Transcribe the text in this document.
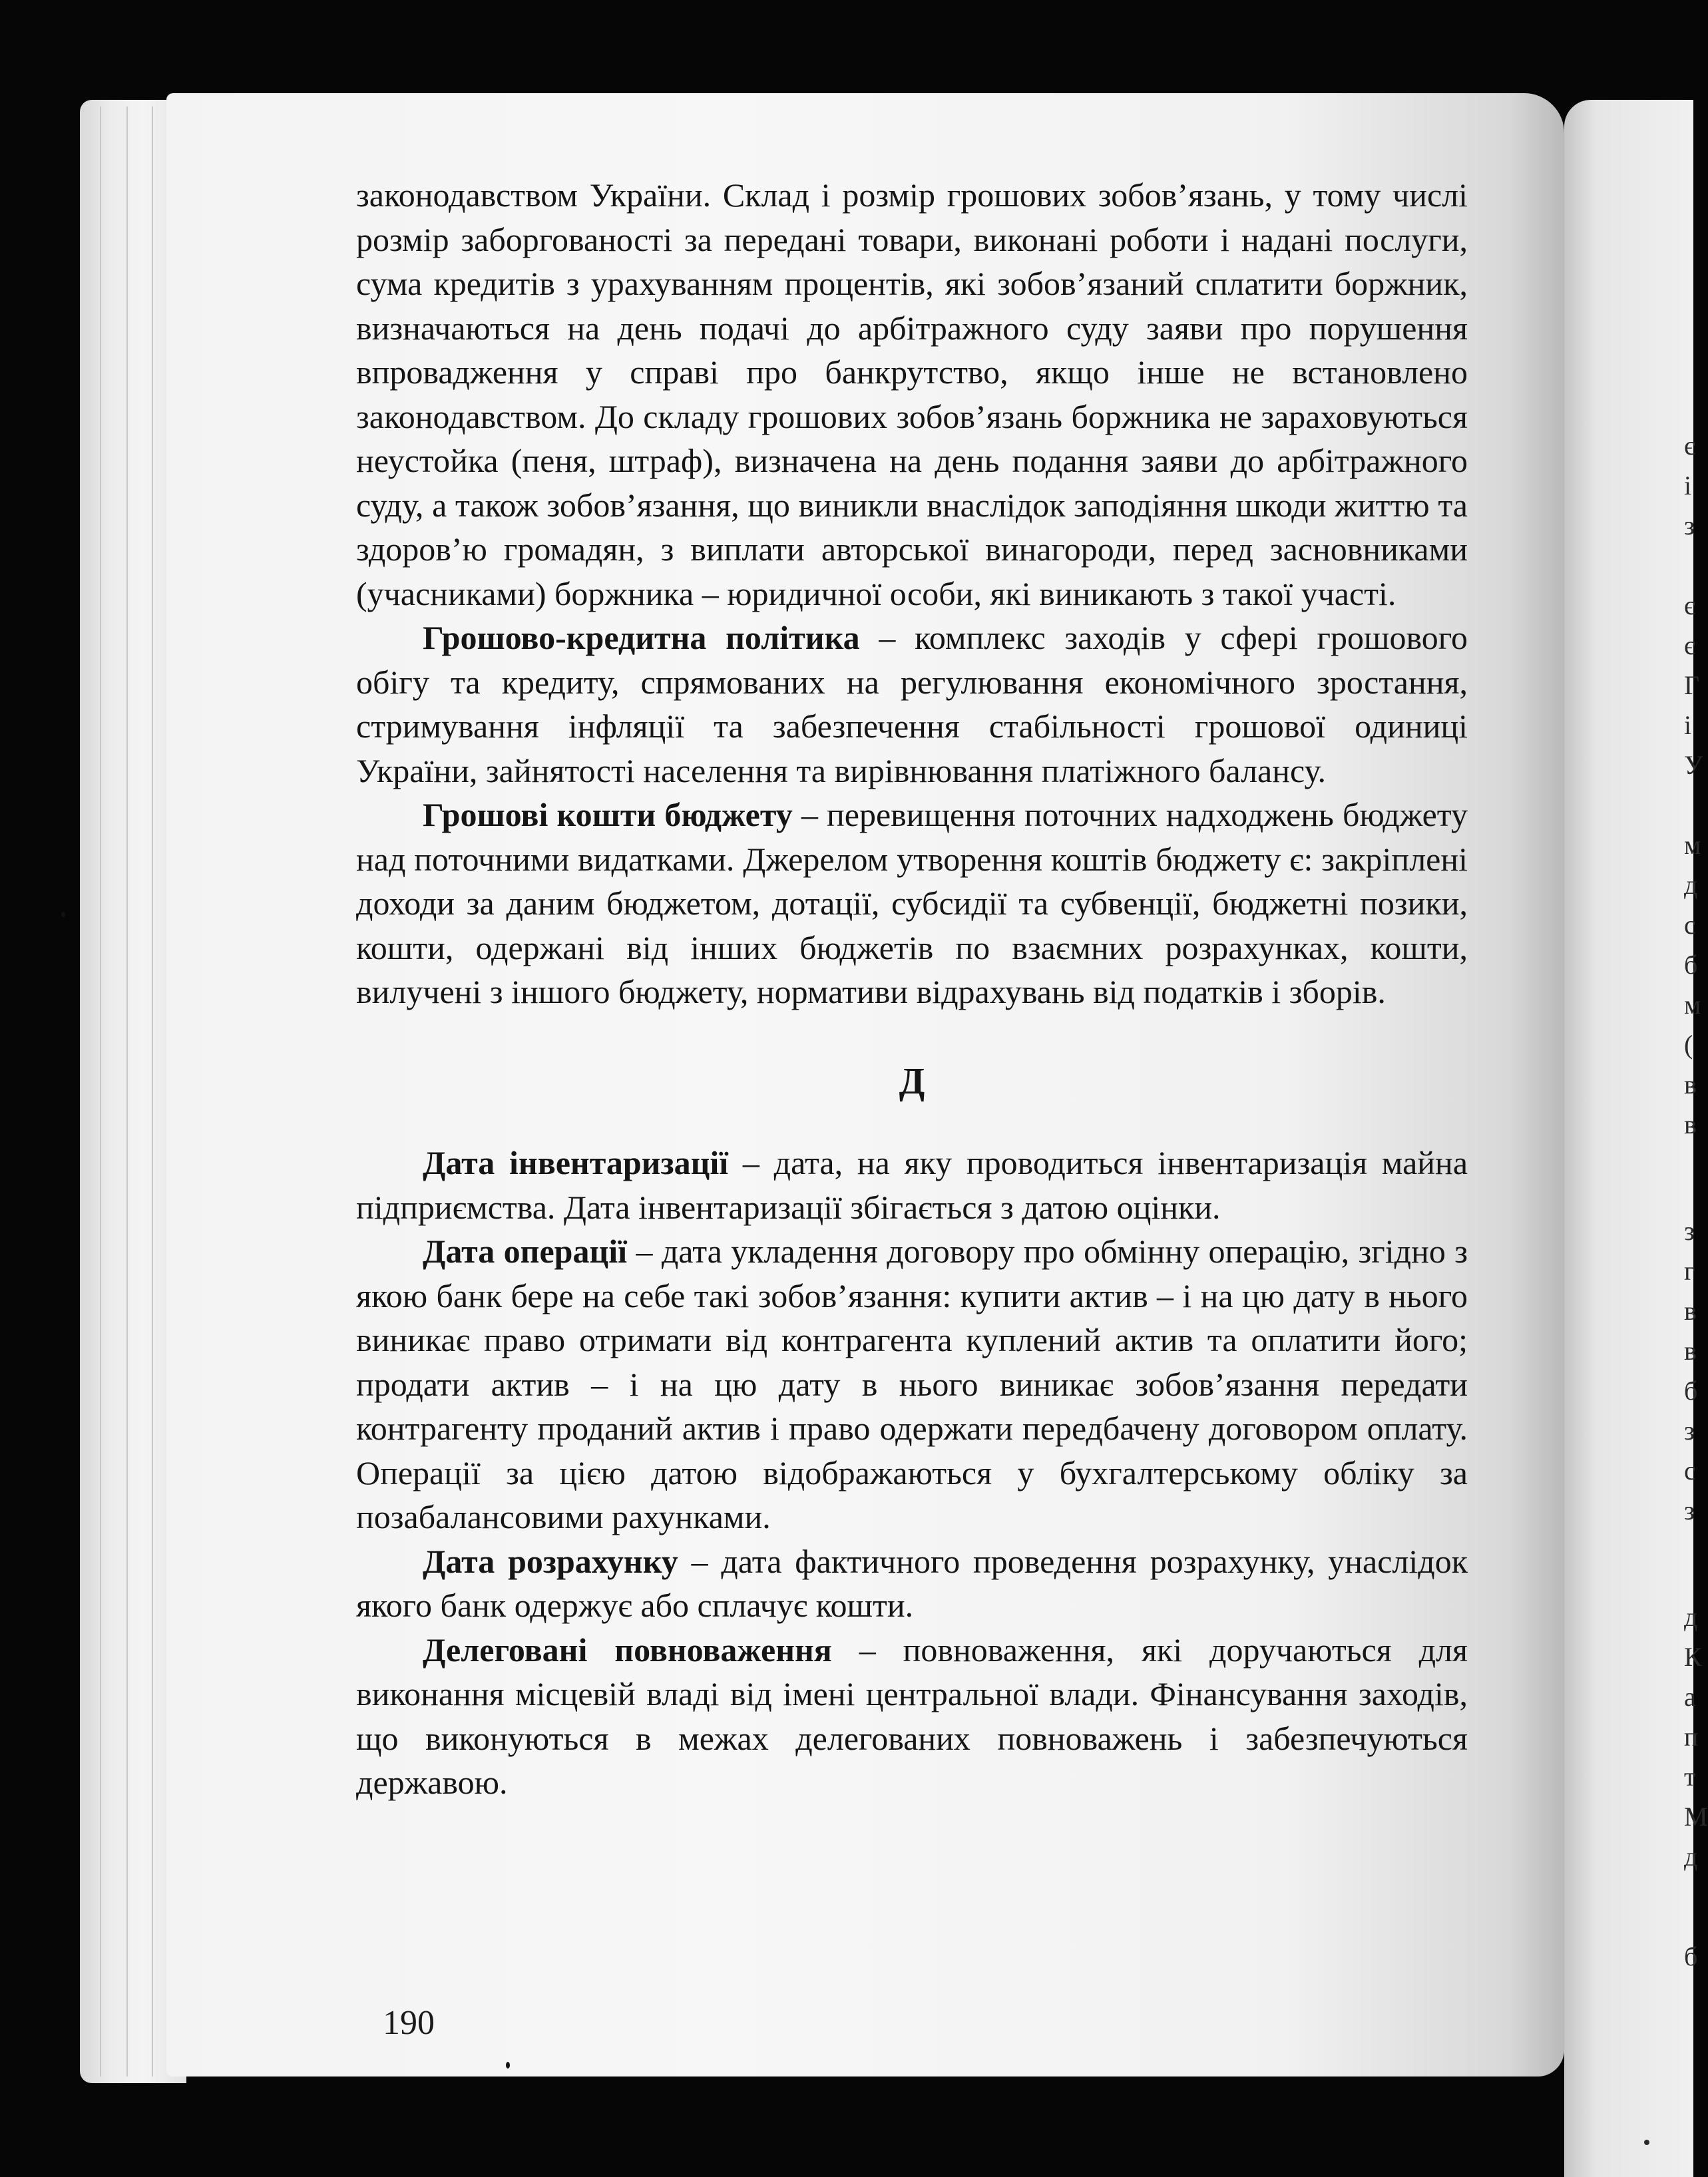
законодавством України. Склад і розмір грошових зобов’язань, у тому числі розмір заборгованості за передані товари, виконані роботи і надані послуги, сума кредитів з урахуванням процентів, які зобов’язаний сплатити боржник, визначаються на день подачі до арбітражного суду заяви про порушення впровадження у справі про банкрутство, якщо інше не встановлено законодавством. До складу грошових зобов’язань боржника не зараховуються неустойка (пеня, штраф), визначена на день подання заяви до арбітражного суду, а також зобов’язання, що виникли внаслідок заподіяння шкоди життю та здоров’ю громадян, з виплати авторської винагороди, перед засновниками (учасниками) боржника – юридичної особи, які виникають з такої участі.

Грошово-кредитна політика – комплекс заходів у сфері грошового обігу та кредиту, спрямованих на регулювання економічного зростання, стримування інфляції та забезпечення стабільності грошової одиниці України, зайнятості населення та вирівнювання платіжного балансу.

Грошові кошти бюджету – перевищення поточних надходжень бюджету над поточними видатками. Джерелом утворення коштів бюджету є: закріплені доходи за даним бюджетом, дотації, субсидії та субвенції, бюджетні позики, кошти, одержані від інших бюджетів по взаємних розрахунках, кошти, вилучені з іншого бюджету, нормативи відрахувань від податків і зборів.

Д

Дата інвентаризації – дата, на яку проводиться інвентаризація майна підприємства. Дата інвентаризації збігається з датою оцінки.

Дата операції – дата укладення договору про обмінну операцію, згідно з якою банк бере на себе такі зобов’язання: купити актив – і на цю дату в нього виникає право отримати від контрагента куплений актив та оплатити його; продати актив – і на цю дату в нього виникає зобов’язання передати контрагенту проданий актив і право одержати передбачену договором оплату. Операції за цією датою відображаються у бухгалтерському обліку за позабалансовими рахунками.

Дата розрахунку – дата фактичного проведення розрахунку, унаслідок якого банк одержує або сплачує кошти.

Делеговані повноваження – повноваження, які доручаються для виконання місцевій владі від імені центральної влади. Фінансування заходів, що виконуються в межах делегованих повноважень і забезпечуються державою.

190
є
і
з
є
є
Г
і
У
м
д
с
б
м
(
в
в
з
г
в
в
б
з
с
з
д
К
а
п
т
М
д
б
